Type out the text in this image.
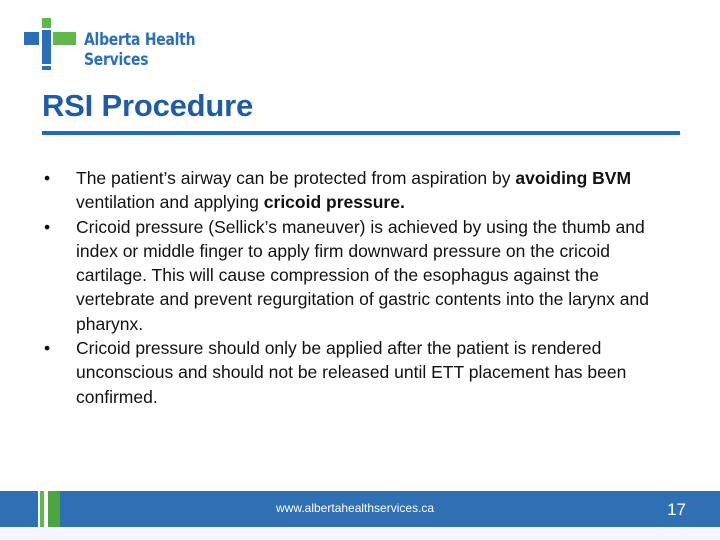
Alberta Health
Services
RSI Procedure
• The patient’s airway can be protected from aspiration by avoiding BVM ventilation and applying cricoid pressure.
• Cricoid pressure (Sellick’s maneuver) is achieved by using the thumb and index or middle finger to apply firm downward pressure on the cricoid cartilage. This will cause compression of the esophagus against the vertebrate and prevent regurgitation of gastric contents into the larynx and pharynx.
• Cricoid pressure should only be applied after the patient is rendered unconscious and should not be released until ETT placement has been confirmed.
www.albertahealthservices.ca	17
